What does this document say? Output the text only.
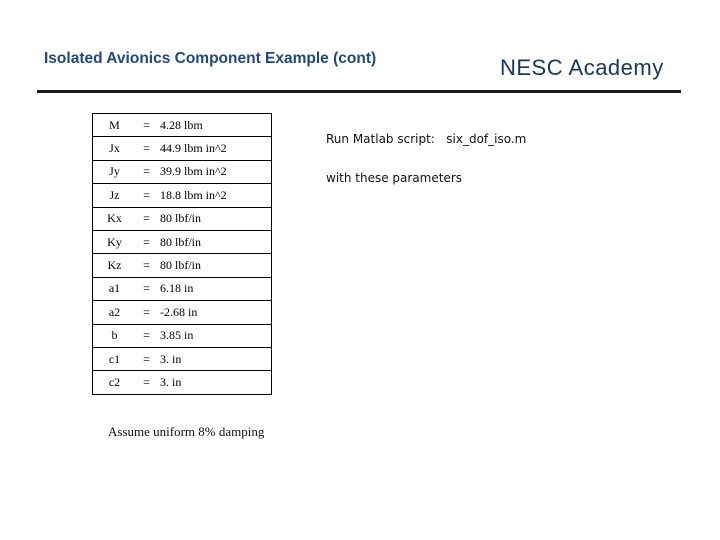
Isolated Avionics Component Example (cont)	NESC Academy
M	=	4.28 lbm
Jx	=	44.9 lbm in^2
Jy	=	39.9 lbm in^2
Jz	=	18.8 lbm in^2
Kx	=	80 lbf/in
Ky	=	80 lbf/in
Kz	=	80 lbf/in
a1	=	6.18 in
a2	=	-2.68 in
b	=	3.85 in
c1	=	3. in
c2	=	3. in
Assume uniform 8% damping
Run Matlab script:   six_dof_iso.m
with these parameters
